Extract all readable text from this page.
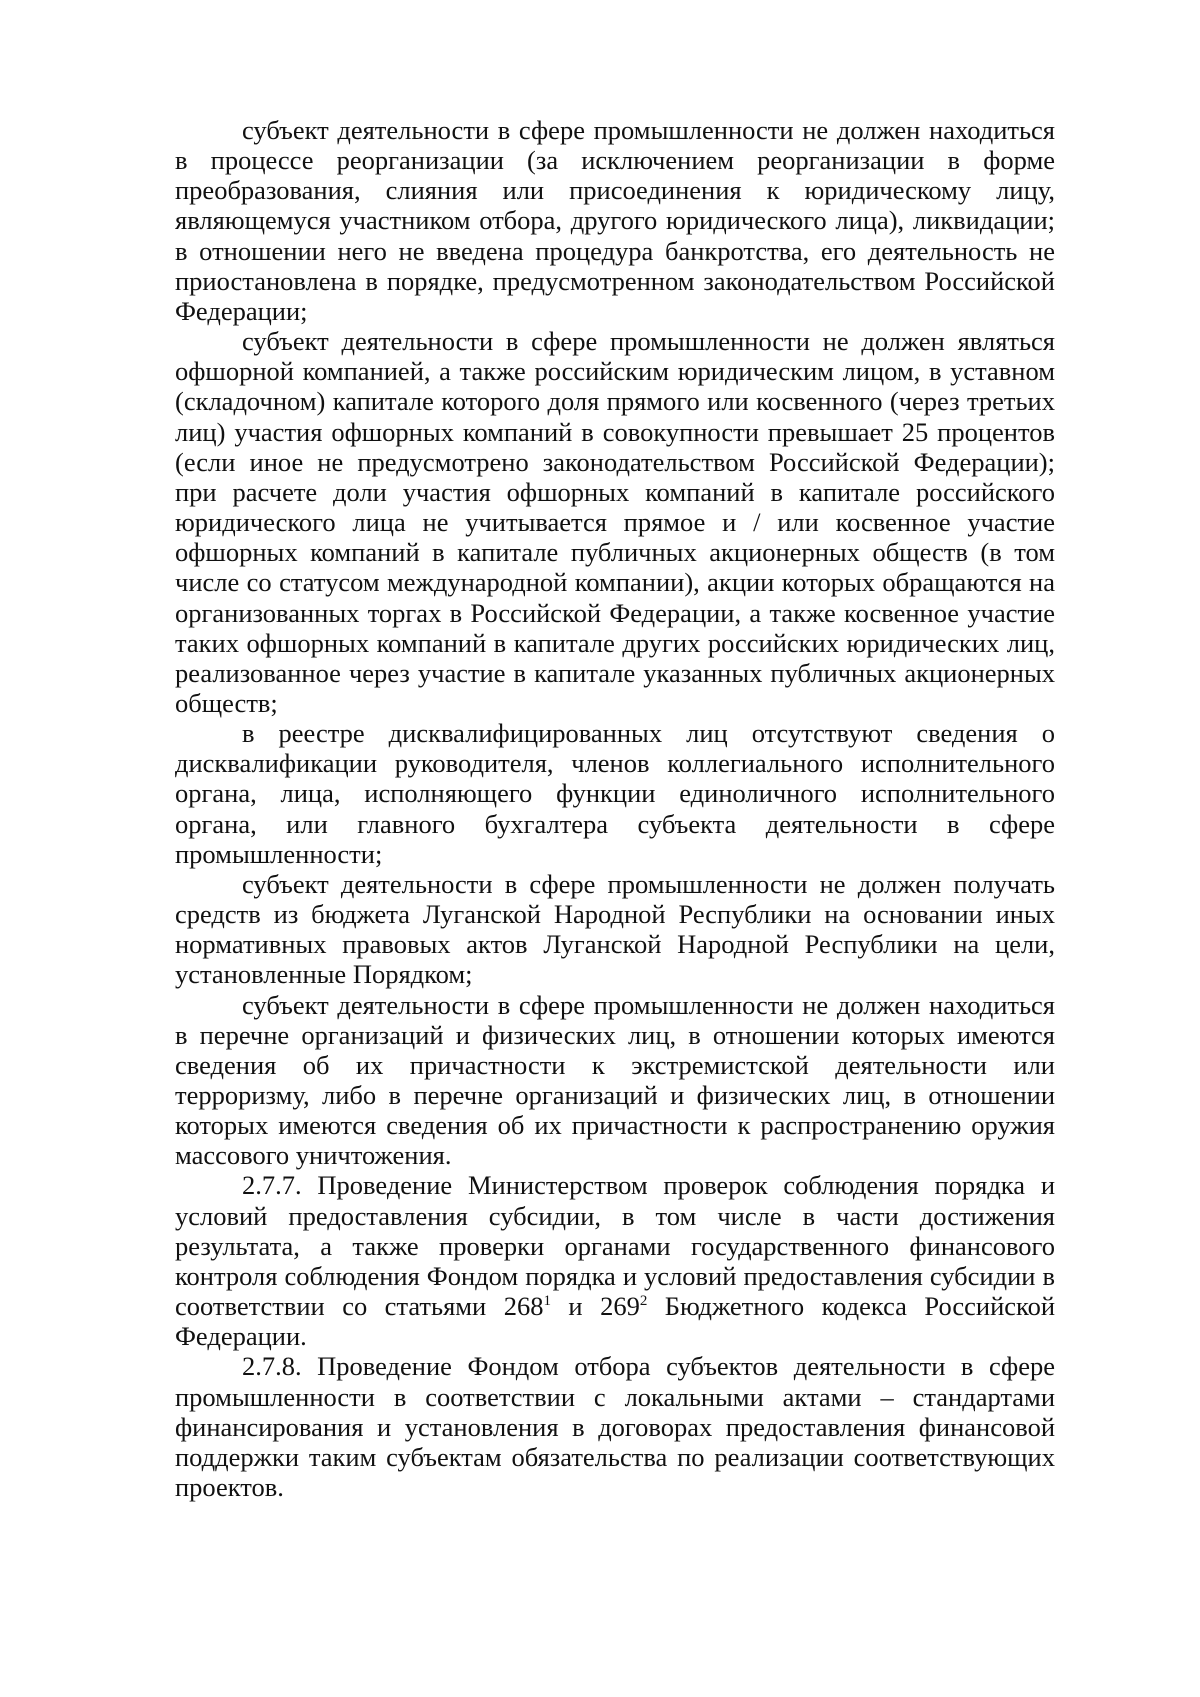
субъект деятельности в сфере промышленности не должен находиться в процессе реорганизации (за исключением реорганизации в форме преобразования, слияния или присоединения к юридическому лицу, являющемуся участником отбора, другого юридического лица), ликвидации; в отношении него не введена процедура банкротства, его деятельность не приостановлена в порядке, предусмотренном законодательством Российской Федерации;

субъект деятельности в сфере промышленности не должен являться офшорной компанией, а также российским юридическим лицом, в уставном (складочном) капитале которого доля прямого или косвенного (через третьих лиц) участия офшорных компаний в совокупности превышает 25 процентов (если иное не предусмотрено законодательством Российской Федерации); при расчете доли участия офшорных компаний в капитале российского юридического лица не учитывается прямое и / или косвенное участие офшорных компаний в капитале публичных акционерных обществ (в том числе со статусом международной компании), акции которых обращаются на организованных торгах в Российской Федерации, а также косвенное участие таких офшорных компаний в капитале других российских юридических лиц, реализованное через участие в капитале указанных публичных акционерных обществ;

в реестре дисквалифицированных лиц отсутствуют сведения о дисквалификации руководителя, членов коллегиального исполнительного органа, лица, исполняющего функции единоличного исполнительного органа, или главного бухгалтера субъекта деятельности в сфере промышленности;

субъект деятельности в сфере промышленности не должен получать средств из бюджета Луганской Народной Республики на основании иных нормативных правовых актов Луганской Народной Республики на цели, установленные Порядком;

субъект деятельности в сфере промышленности не должен находиться в перечне организаций и физических лиц, в отношении которых имеются сведения об их причастности к экстремистской деятельности или терроризму, либо в перечне организаций и физических лиц, в отношении которых имеются сведения об их причастности к распространению оружия массового уничтожения.

2.7.7. Проведение Министерством проверок соблюдения порядка и условий предоставления субсидии, в том числе в части достижения результата, а также проверки органами государственного финансового контроля соблюдения Фондом порядка и условий предоставления субсидии в соответствии со статьями $268^1$ и $269^2$ Бюджетного кодекса Российской Федерации.

2.7.8. Проведение Фондом отбора субъектов деятельности в сфере промышленности в соответствии с локальными актами – стандартами финансирования и установления в договорах предоставления финансовой поддержки таким субъектам обязательства по реализации соответствующих проектов.
